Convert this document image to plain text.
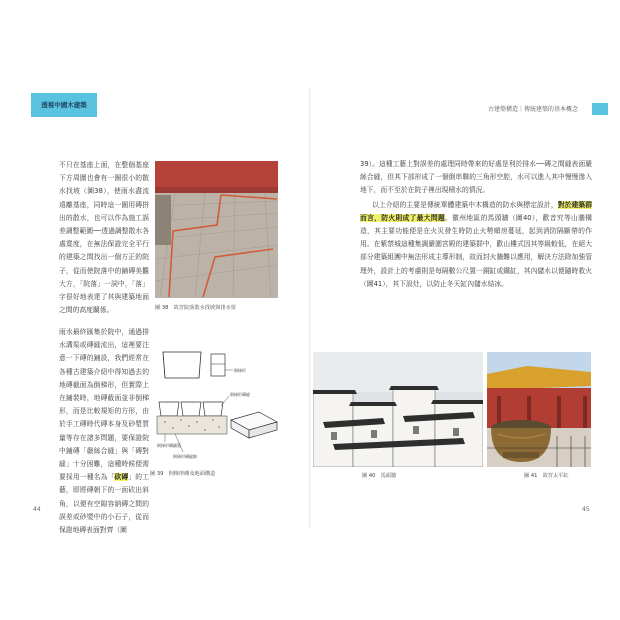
透視中國木建築
古建築構造｜傳統建築的基本概念

不只在基座上面，在整個基座下方周圍也會有一圈很小的散水找坡（圖38），使雨水盡流遠離基座，同時這一圈用磚拼出的散水，也可以作為施工誤差調整範圍──透過調整散水各處寬度，在無法保證完全平行的建築之間找出一個方正的院子，從而使院落中的鋪磚美觀大方，「院落」一詞中，「落」字很好地表達了其與建築地面之間的高度關係。

雨水最終匯集於院中，通過排水溝渠或磚縫流出，這裡要注意一下磚的鋪設，我們經常在各種古建築介紹中得知過去的地磚截面為倒梯形，但實際上在鋪裝時，地磚截面並非倒梯形，而是比較規矩的方形，由於手工磚時代磚本身及砂漿質量等存在諸多問題，要保證院中鋪磚「嚴絲合縫」與「磚對縫」十分困難，這種時候便需要採用一種名為「砍磚」的工藝，即將磚朝下的一面砍出斜角，以便有空隙容納磚之間的誤差或砂漿中的小石子，從而保證地磚表面對齊（圖

圖 38　故宮院落散水找坡與排水渠
倒梯形
倒梯形磚縫
倒梯形磚鋪築
倒梯形磚縫隙
圖 39　倒梯形磚及地面構造
44

39）。這種工藝上對誤差的處理同時帶來的好處是利於排水──磚之間縫表面嚴絲合縫，但其下部形成了一個倒串聯的三角形空腔，水可以進入其中慢慢滲入地下，而不至於在院子裡出現積水的情況。

以上介紹的主要是傳統單體建築中木構造的防水與標定設計，對於建築群而言，防火則成了最大問題。徽州地區的馬頭牆（圖40），歡音究等山牆構造，其主要功能便是在火災發生時防止火勢順房蔓延，起到消防隔斷帶的作用。在紫禁城這種集調嚴圍宮殿的建築群中，歡山樓式因其等級較低，在絕大部分建築組團中無法形成主導形制，故而封火牆難以應用，解決方法除加強管理外，設計上的考慮則是每隔數公尺置一銅缸或鐵缸，其內儲水以便隨時救火（圖41），其下設灶，以防止冬天缸內儲水結冰。

圖 40　馬頭牆	圖 41　故宮太平缸
45
